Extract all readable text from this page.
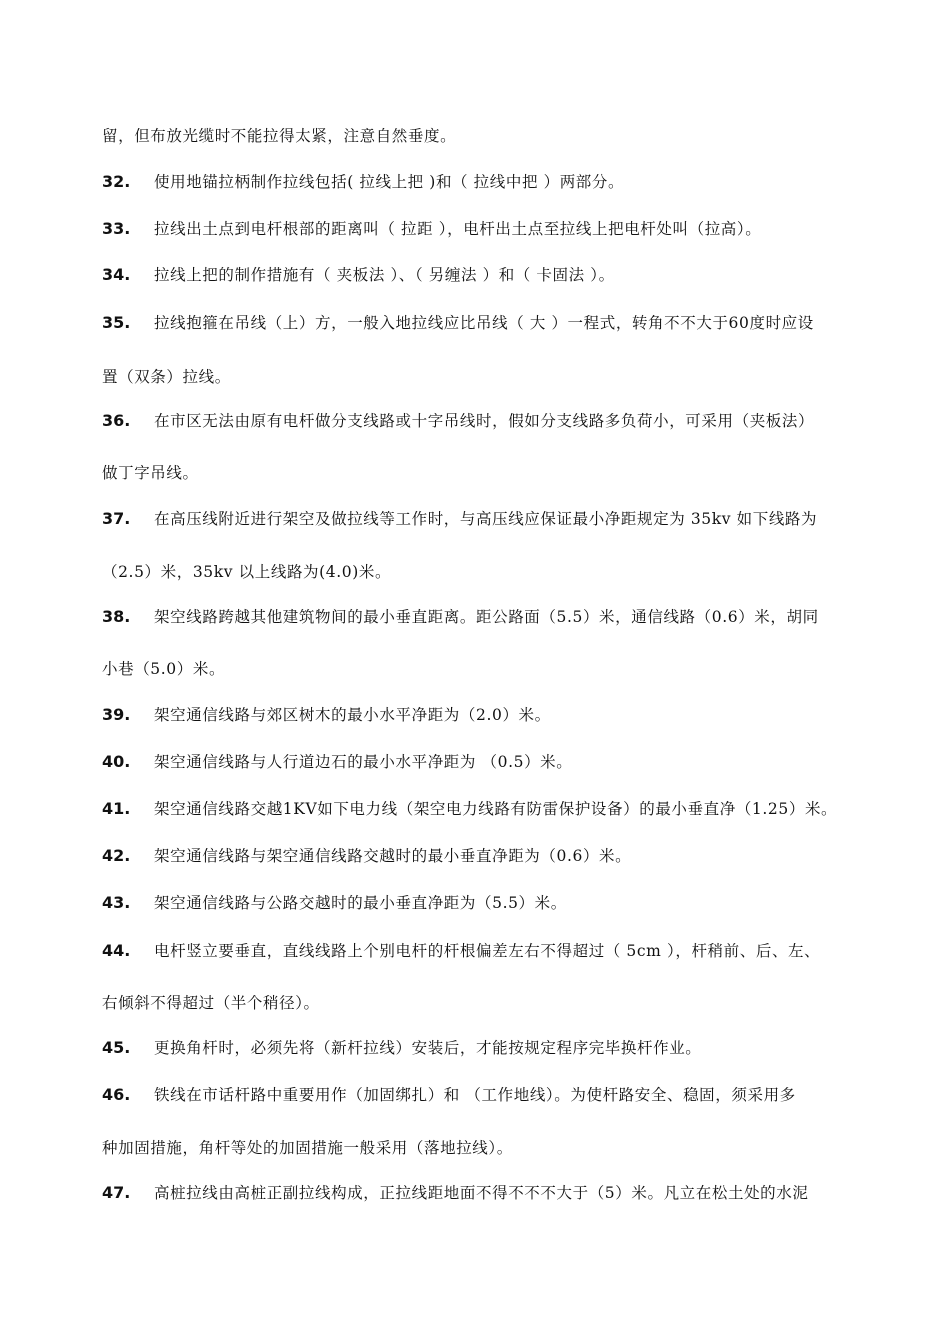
留，但布放光缆时不能拉得太紧，注意自然垂度。
32. 使用地锚拉柄制作拉线包括( 拉线上把 )和（ 拉线中把 ）两部分。
33. 拉线出土点到电杆根部的距离叫（ 拉距 ），电杆出土点至拉线上把电杆处叫（拉高）。
34. 拉线上把的制作措施有（ 夹板法 ）、（ 另缠法 ）和（ 卡固法 ）。
35. 拉线抱箍在吊线（上）方，一般入地拉线应比吊线（ 大 ）一程式，转角不不大于60度时应设
置（双条）拉线。
36. 在市区无法由原有电杆做分支线路或十字吊线时，假如分支线路多负荷小，可采用（夹板法）
做丁字吊线。
37. 在高压线附近进行架空及做拉线等工作时，与高压线应保证最小净距规定为 35kv 如下线路为
（2.5）米，35kv 以上线路为(4.0)米。
38. 架空线路跨越其他建筑物间的最小垂直距离。距公路面（5.5）米，通信线路（0.6）米，胡同
小巷（5.0）米。
39. 架空通信线路与郊区树木的最小水平净距为（2.0）米。
40. 架空通信线路与人行道边石的最小水平净距为 （0.5）米。
41. 架空通信线路交越1KV如下电力线（架空电力线路有防雷保护设备）的最小垂直净（1.25）米。
42. 架空通信线路与架空通信线路交越时的最小垂直净距为（0.6）米。
43. 架空通信线路与公路交越时的最小垂直净距为（5.5）米。
44. 电杆竖立要垂直，直线线路上个别电杆的杆根偏差左右不得超过（ 5cm ），杆稍前、后、左、
右倾斜不得超过（半个稍径）。
45. 更换角杆时，必须先将（新杆拉线）安装后，才能按规定程序完毕换杆作业。
46. 铁线在市话杆路中重要用作（加固绑扎）和 （工作地线）。为使杆路安全、稳固，须采用多
种加固措施，角杆等处的加固措施一般采用（落地拉线）。
47. 高桩拉线由高桩正副拉线构成，正拉线距地面不得不不不大于（5）米。凡立在松土处的水泥
